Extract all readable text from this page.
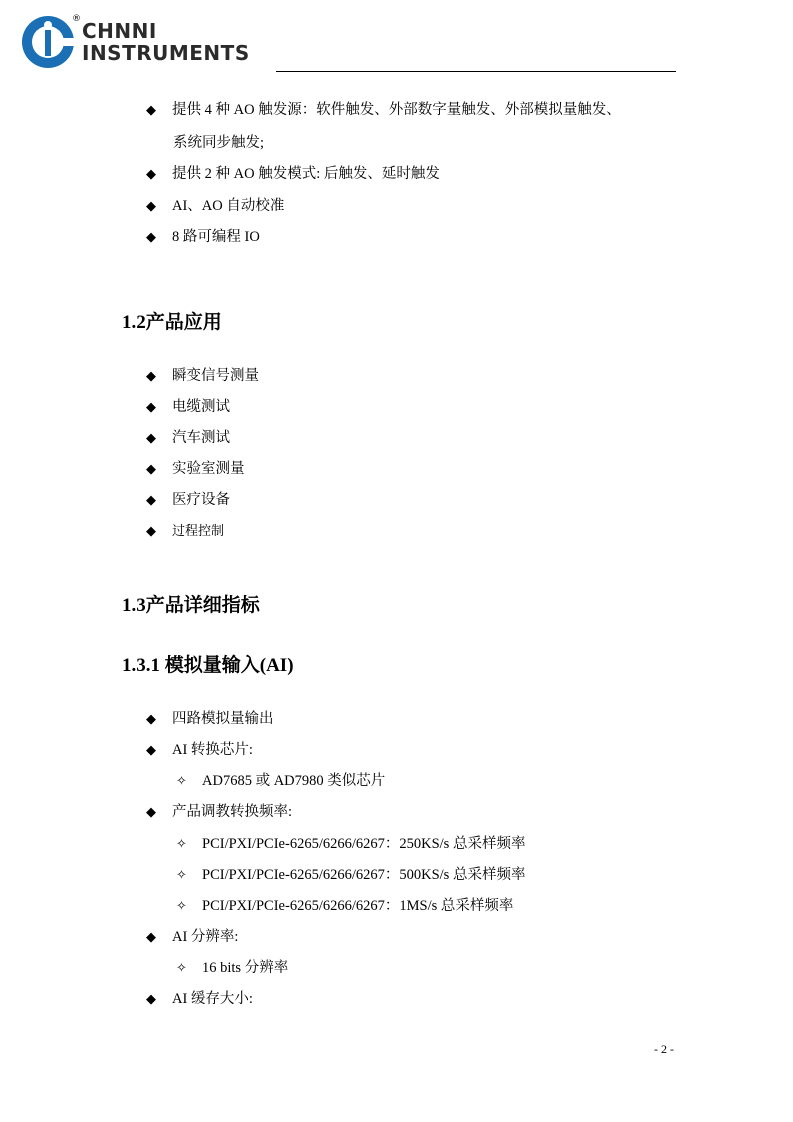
® CHNNI
INSTRUMENTS
◆ 提供 4 种 AO 触发源：软件触发、外部数字量触发、外部模拟量触发、
系统同步触发;
◆ 提供 2 种 AO 触发模式: 后触发、延时触发
◆ AI、AO 自动校准
◆ 8 路可编程 IO
1.2产品应用
◆ 瞬变信号测量
◆ 电缆测试
◆ 汽车测试
◆ 实验室测量
◆ 医疗设备
◆ 过程控制
1.3产品详细指标
1.3.1 模拟量输入(AI)
◆ 四路模拟量输出
◆ AI 转换芯片:
✧ AD7685 或 AD7980 类似芯片
◆ 产品调教转换频率:
✧ PCI/PXI/PCIe-6265/6266/6267：250KS/s 总采样频率
✧ PCI/PXI/PCIe-6265/6266/6267：500KS/s 总采样频率
✧ PCI/PXI/PCIe-6265/6266/6267：1MS/s 总采样频率
◆ AI 分辨率:
✧ 16 bits 分辨率
◆ AI 缓存大小:
- 2 -
